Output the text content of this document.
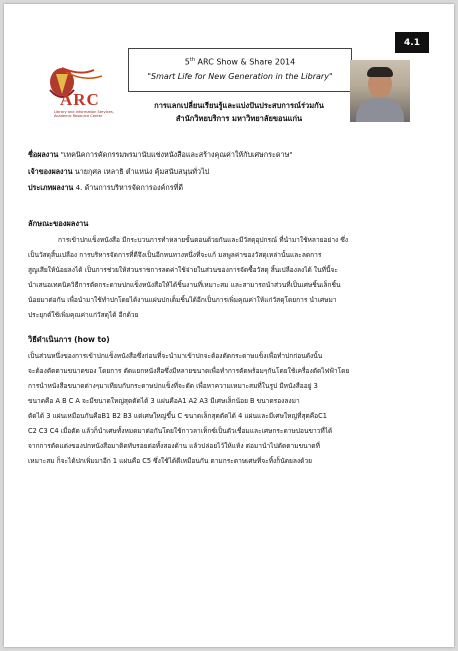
4.1
ARC
Library and Information Services, Academic Resource Center
5th ARC Show & Share 2014
"Smart Life for New Generation in the Library"
การแลกเปลี่ยนเรียนรู้และแบ่งปันประสบการณ์ร่วมกัน
สำนักวิทยบริการ มหาวิทยาลัยขอนแก่น
ชื่อผลงาน "เทคนิคการคัดกรรมพรมานับแช่งหนังสือและสร้างคุณค่าให้กับเศษกระดาษ"
เจ้าของผลงาน นายกุศล เหลาธิ ตำแหน่ง คุ้มสนับสนุนทั่วไป
ประเภทผลงาน 4. ด้านการบริหารจัดการองค์กรที่ดี
ลักษณะของผลงาน
การเข้าปกแข็งหนังสือ มีกระบวนการทำหลายขั้นตอนด้วยกันและมีวัสดุอุปกรณ์ ที่นำมาใช้หลายอย่าง ซึ่ง
เป็นวัสดุสิ้นเปลือง การบริหารจัดการที่ดีจึงเป็นอีกหนทางหนึ่งที่จะแก้ มลพูลค่าของวัสดุเหล่านั้นและลดการ
สูญเสียให้น้อยลงได้ เป็นการช่วยให้ส่วนราชการลดค่าใช้จ่ายในส่วนของการจัดซื้อวัสดุ สิ้นเปลืองลงได้ ในที่นี้จะ
นำเสนอเทคนิควิธีการตัดกระดาษปกแข็งหนังสือให้ได้ชิ้นงานที่เหมาะสม และสามารถนำส่วนที่เป็นเศษชิ้นเล็กชิ้น
น้อยมาต่อกัน เพื่อนำมาใช้ทำปกโดยได้งานแผ่นปกเต็มชิ้นได้อีกเป็นการเพิ่มคุณค่าให้แก่วัสดุโดยการ นำเศษมา
ประยุกต์ใช้เพิ่มคุณค่าแก่วัสดุได้ อีกด้วย
วิธีดำเนินการ (how to)
เป็นส่วนหนึ่งของการเข้าปกแข็งหนังสือซึ่งก่อนที่จะนำมาเข้าปกจะต้องตัดกระดาษแข็งเพื่อทำปกก่อนดังนั้น
จะต้องตัดตามขนาดของ โดยการ ตัดแยกหนังสือซึ่งมีหลายขนาดเพื่อทำการตัดพร้อมๆกันโดยใช้เครื่องตัดไฟฟ้าโดย
การนำหนังสือขนาดต่างๆมาเทียบกับกระดาษปกแข็งที่จะตัด เพื่อหาความเหมาะสมที่ในรูป มีหนังสืออยู่ 3
ขนาดคือ A B C A จะมีขนาดใหญ่สุดตัดได้ 3 แผ่นคือA1 A2 A3 มีเศษเล็กน้อย B ขนาดรองลงมา
ตัดได้ 3 แผ่นเหมือนกันคือB1 B2 B3 แต่เศษใหญ่ขึ้น C ขนาดเล็กสุดตัดได้ 4 แผ่นและมีเศษใหญ่ที่สุดคือC1
C2 C3 C4 เมื่อตัด แล้วก็นำเศษทั้งหมดมาต่อกันโดยใช้กาวลาเท็กซ์เป็นตัวเชื่อมและเศษกระดาษปอนขาวที่ได้
จากการตัดแต่งของปกหนังสือมาติดทับรอยต่อทั้งสองด้าน แล้วปล่อยไว้ให้แห้ง ต่อมานำไปตัดตามขนาดที่
เหมาะสม ก็จะได้ปกเพิ่มมาอีก 1 แผ่นคือ C5 ซึ่งใช้ได้ดีเหมือนกัน ตามกระดาษเศษที่จะทิ้งก็นัดยลงด้วย
